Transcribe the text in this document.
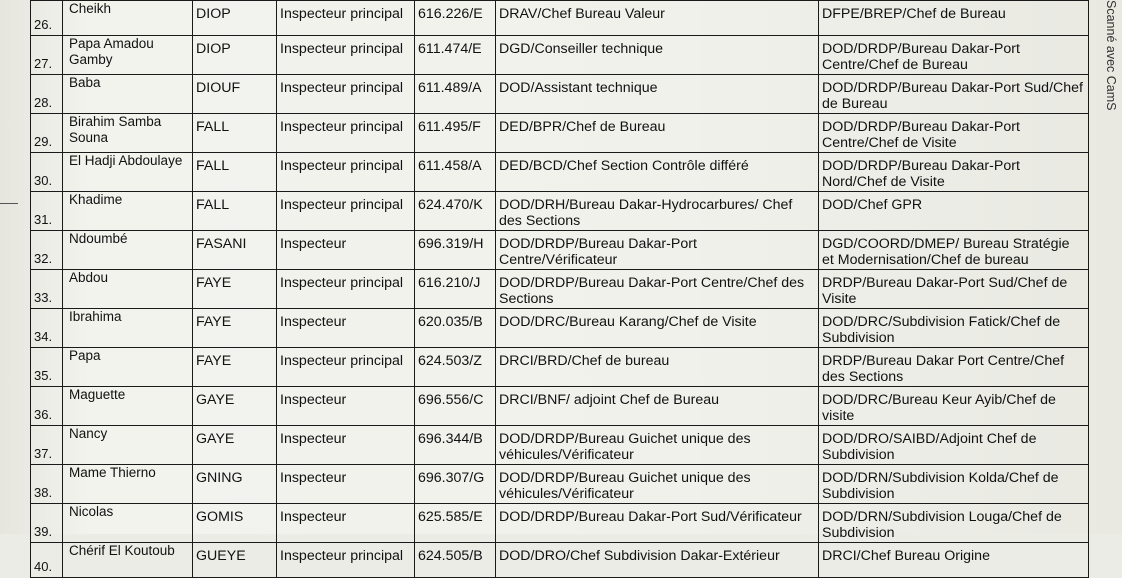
26.	Cheikh	DIOP	Inspecteur principal	616.226/E	DRAV/Chef Bureau Valeur	DFPE/BREP/Chef de Bureau
27.	Papa Amadou Gamby	DIOP	Inspecteur principal	611.474/E	DGD/Conseiller technique	DOD/DRDP/Bureau Dakar-Port Centre/Chef de Bureau
28.	Baba	DIOUF	Inspecteur principal	611.489/A	DOD/Assistant technique	DOD/DRDP/Bureau Dakar-Port Sud/Chef de Bureau
29.	Birahim Samba Souna	FALL	Inspecteur principal	611.495/F	DED/BPR/Chef de Bureau	DOD/DRDP/Bureau Dakar-Port Centre/Chef de Visite
30.	El Hadji Abdoulaye	FALL	Inspecteur principal	611.458/A	DED/BCD/Chef Section Contrôle différé	DOD/DRDP/Bureau Dakar-Port Nord/Chef de Visite
31.	Khadime	FALL	Inspecteur principal	624.470/K	DOD/DRH/Bureau Dakar-Hydrocarbures/ Chef des Sections	DOD/Chef GPR
32.	Ndoumbé	FASANI	Inspecteur	696.319/H	DOD/DRDP/Bureau Dakar-Port Centre/Vérificateur	DGD/COORD/DMEP/ Bureau Stratégie et Modernisation/Chef de bureau
33.	Abdou	FAYE	Inspecteur principal	616.210/J	DOD/DRDP/Bureau Dakar-Port Centre/Chef des Sections	DRDP/Bureau Dakar-Port Sud/Chef de Visite
34.	Ibrahima	FAYE	Inspecteur	620.035/B	DOD/DRC/Bureau Karang/Chef de Visite	DOD/DRC/Subdivision Fatick/Chef de Subdivision
35.	Papa	FAYE	Inspecteur principal	624.503/Z	DRCI/BRD/Chef de bureau	DRDP/Bureau Dakar Port Centre/Chef des Sections
36.	Maguette	GAYE	Inspecteur	696.556/C	DRCI/BNF/ adjoint Chef de Bureau	DOD/DRC/Bureau Keur Ayib/Chef de visite
37.	Nancy	GAYE	Inspecteur	696.344/B	DOD/DRDP/Bureau Guichet unique des véhicules/Vérificateur	DOD/DRO/SAIBD/Adjoint Chef de Subdivision
38.	Mame Thierno	GNING	Inspecteur	696.307/G	DOD/DRDP/Bureau Guichet unique des véhicules/Vérificateur	DOD/DRN/Subdivision Kolda/Chef de Subdivision
39.	Nicolas	GOMIS	Inspecteur	625.585/E	DOD/DRDP/Bureau Dakar-Port Sud/Vérificateur	DOD/DRN/Subdivision Louga/Chef de Subdivision
40.	Chérif El Koutoub	GUEYE	Inspecteur principal	624.505/B	DOD/DRO/Chef Subdivision Dakar-Extérieur	DRCI/Chef Bureau Origine
Scanné avec CamS
